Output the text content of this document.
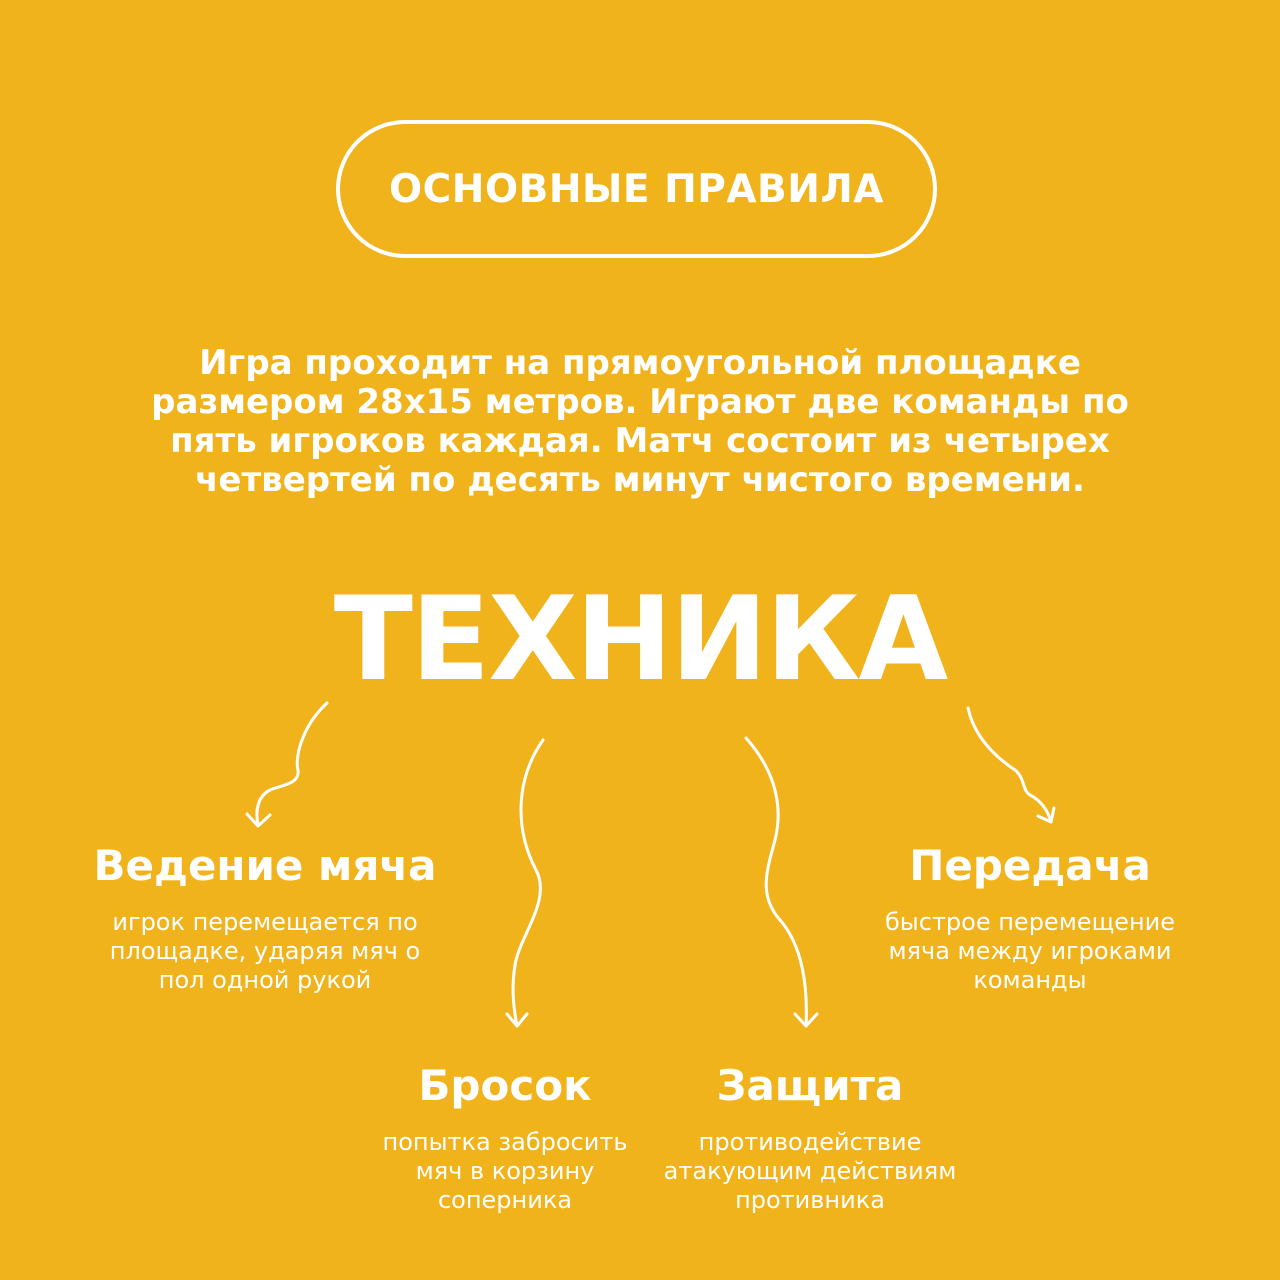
ОСНОВНЫЕ ПРАВИЛА
Игра проходит на прямоугольной площадке
размером 28х15 метров. Играют две команды по
пять игроков каждая. Матч состоит из четырех
четвертей по десять минут чистого времени.
ТЕХНИКА
Ведение мяча
игрок перемещается по
площадке, ударяя мяч о
пол одной рукой
Бросок
попытка забросить
мяч в корзину
соперника
Защита
противодействие
атакующим действиям
противника
Передача
быстрое перемещение
мяча между игроками
команды
